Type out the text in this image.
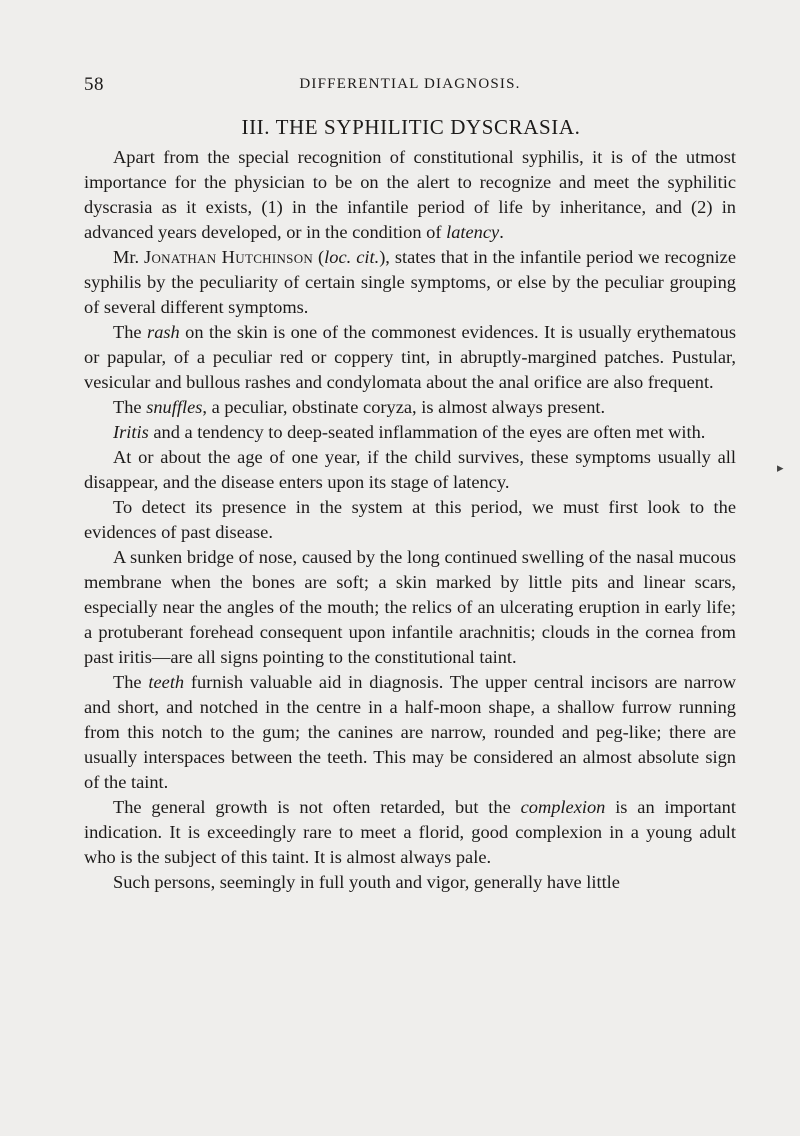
58	DIFFERENTIAL DIAGNOSIS.
III. THE SYPHILITIC DYSCRASIA.
▸

Apart from the special recognition of constitutional syphilis, it is of the utmost importance for the physician to be on the alert to recognize and meet the syphilitic dyscrasia as it exists, (1) in the infantile period of life by inheritance, and (2) in advanced years developed, or in the condition of latency.

Mr. Jonathan Hutchinson (loc. cit.), states that in the infantile period we recognize syphilis by the peculiarity of certain single symptoms, or else by the peculiar grouping of several different symptoms.

The rash on the skin is one of the commonest evidences. It is usually erythematous or papular, of a peculiar red or coppery tint, in abruptly-margined patches. Pustular, vesicular and bullous rashes and condylomata about the anal orifice are also frequent.

The snuffles, a peculiar, obstinate coryza, is almost always present.

Iritis and a tendency to deep-seated inflammation of the eyes are often met with.

At or about the age of one year, if the child survives, these symptoms usually all disappear, and the disease enters upon its stage of latency.

To detect its presence in the system at this period, we must first look to the evidences of past disease.

A sunken bridge of nose, caused by the long continued swelling of the nasal mucous membrane when the bones are soft; a skin marked by little pits and linear scars, especially near the angles of the mouth; the relics of an ulcerating eruption in early life; a protuberant forehead consequent upon infantile arachnitis; clouds in the cornea from past iritis—are all signs pointing to the constitutional taint.

The teeth furnish valuable aid in diagnosis. The upper central incisors are narrow and short, and notched in the centre in a half-moon shape, a shallow furrow running from this notch to the gum; the canines are narrow, rounded and peg-like; there are usually interspaces between the teeth. This may be considered an almost absolute sign of the taint.

The general growth is not often retarded, but the complexion is an important indication. It is exceedingly rare to meet a florid, good complexion in a young adult who is the subject of this taint. It is almost always pale.

Such persons, seemingly in full youth and vigor, generally have little
